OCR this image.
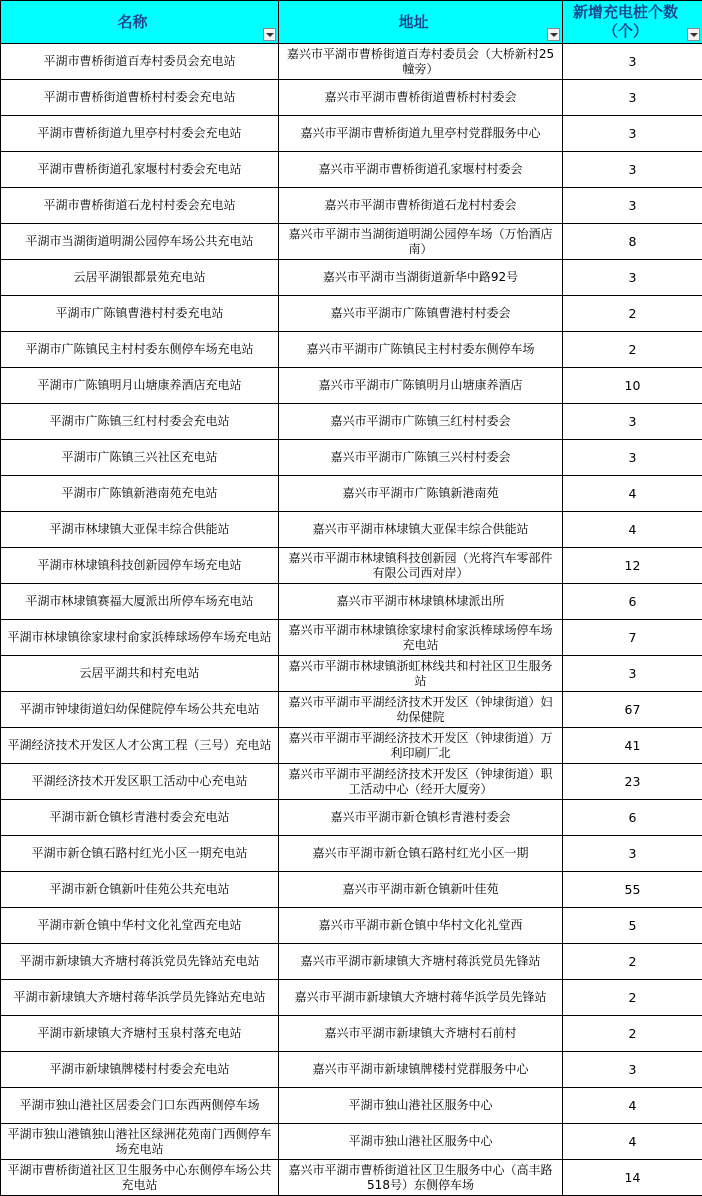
名称	地址	新增充电桩个数（个）

平湖市曹桥街道百寿村委员会充电站	嘉兴市平湖市曹桥街道百寿村委员会（大桥新村25幢旁）	3
平湖市曹桥街道曹桥村村委会充电站	嘉兴市平湖市曹桥街道曹桥村村委会	3
平湖市曹桥街道九里亭村村委会充电站	嘉兴市平湖市曹桥街道九里亭村党群服务中心	3
平湖市曹桥街道孔家堰村村委会充电站	嘉兴市平湖市曹桥街道孔家堰村村委会	3
平湖市曹桥街道石龙村村委会充电站	嘉兴市平湖市曹桥街道石龙村村委会	3
平湖市当湖街道明湖公园停车场公共充电站	嘉兴市平湖市当湖街道明湖公园停车场（万怡酒店南）	8
云居平湖银都景苑充电站	嘉兴市平湖市当湖街道新华中路92号	3
平湖市广陈镇曹港村村委充电站	嘉兴市平湖市广陈镇曹港村村委会	2
平湖市广陈镇民主村村委东侧停车场充电站	嘉兴市平湖市广陈镇民主村村委东侧停车场	2
平湖市广陈镇明月山塘康养酒店充电站	嘉兴市平湖市广陈镇明月山塘康养酒店	10
平湖市广陈镇三红村村委会充电站	嘉兴市平湖市广陈镇三红村村委会	3
平湖市广陈镇三兴社区充电站	嘉兴市平湖市广陈镇三兴村村委会	3
平湖市广陈镇新港南苑充电站	嘉兴市平湖市广陈镇新港南苑	4
平湖市林埭镇大亚保丰综合供能站	嘉兴市平湖市林埭镇大亚保丰综合供能站	4
平湖市林埭镇科技创新园停车场充电站	嘉兴市平湖市林埭镇科技创新园（光将汽车零部件有限公司西对岸）	12
平湖市林埭镇赛福大厦派出所停车场充电站	嘉兴市平湖市林埭镇林埭派出所	6
平湖市林埭镇徐家埭村俞家浜棒球场停车场充电站	嘉兴市平湖市林埭镇徐家埭村俞家浜棒球场停车场充电站	7
云居平湖共和村充电站	嘉兴市平湖市林埭镇浙虹林线共和村社区卫生服务站	3
平湖市钟埭街道妇幼保健院停车场公共充电站	嘉兴市平湖市平湖经济技术开发区（钟埭街道）妇幼保健院	67
平湖经济技术开发区人才公寓工程（三号）充电站	嘉兴市平湖市平湖经济技术开发区（钟埭街道）万利印刷厂北	41
平湖经济技术开发区职工活动中心充电站	嘉兴市平湖市平湖经济技术开发区（钟埭街道）职工活动中心（经开大厦旁）	23
平湖市新仓镇杉青港村委会充电站	嘉兴市平湖市新仓镇杉青港村委会	6
平湖市新仓镇石路村红光小区一期充电站	嘉兴市平湖市新仓镇石路村红光小区一期	3
平湖市新仓镇新叶佳苑公共充电站	嘉兴市平湖市新仓镇新叶佳苑	55
平湖市新仓镇中华村文化礼堂西充电站	嘉兴市平湖市新仓镇中华村文化礼堂西	5
平湖市新埭镇大齐塘村蒋浜党员先锋站充电站	嘉兴市平湖市新埭镇大齐塘村蒋浜党员先锋站	2
平湖市新埭镇大齐塘村蒋华浜学员先锋站充电站	嘉兴市平湖市新埭镇大齐塘村蒋华浜学员先锋站	2
平湖市新埭镇大齐塘村玉泉村落充电站	嘉兴市平湖市新埭镇大齐塘村石前村	2
平湖市新埭镇牌楼村村委会充电站	嘉兴市平湖市新埭镇牌楼村党群服务中心	3
平湖市独山港社区居委会门口东西两侧停车场	平湖市独山港社区服务中心	4
平湖市独山港镇独山港社区绿洲花苑南门西侧停车场充电站	平湖市独山港社区服务中心	4
平湖市曹桥街道社区卫生服务中心东侧停车场公共充电站	嘉兴市平湖市曹桥街道社区卫生服务中心（高丰路518号）东侧停车场	14
